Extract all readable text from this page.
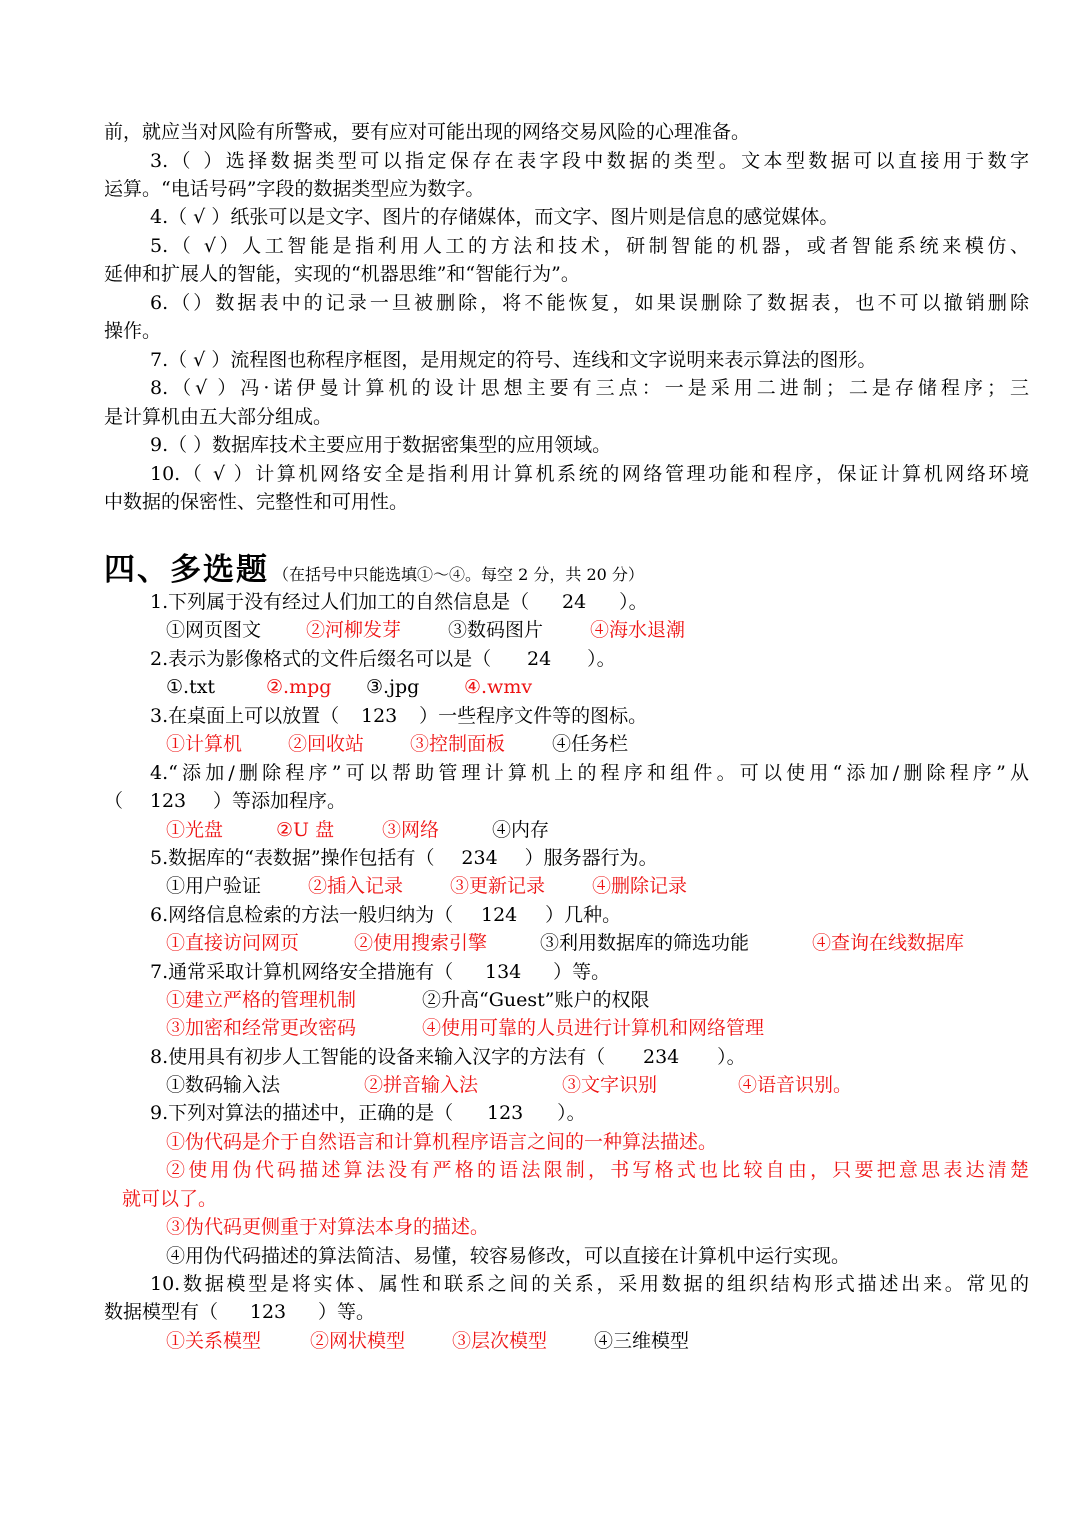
前，就应当对风险有所警戒，要有应对可能出现的网络交易风险的心理准备。
3.（ ）选择数据类型可以指定保存在表字段中数据的类型。文本型数据可以直接用于数字
运算。“电话号码”字段的数据类型应为数字。
4.（ √ ）纸张可以是文字、图片的存储媒体，而文字、图片则是信息的感觉媒体。
5.（ √）人工智能是指利用人工的方法和技术，研制智能的机器，或者智能系统来模仿、
延伸和扩展人的智能，实现的“机器思维”和“智能行为”。
6.（）数据表中的记录一旦被删除，将不能恢复，如果误删除了数据表，也不可以撤销删除
操作。
7.（ √ ）流程图也称程序框图，是用规定的符号、连线和文字说明来表示算法的图形。
8.（√ ）冯·诺伊曼计算机的设计思想主要有三点：一是采用二进制；二是存储程序；三
是计算机由五大部分组成。
9.（ ）数据库技术主要应用于数据密集型的应用领域。
10.（ √ ）计算机网络安全是指利用计算机系统的网络管理功能和程序，保证计算机网络环境
中数据的保密性、完整性和可用性。
四、多选题 （在括号中只能选填①～④。每空 2 分，共 20 分）
1.下列属于没有经过人们加工的自然信息是（ 24 ）。
①网页图文 ②河柳发芽 ③数码图片 ④海水退潮
2.表示为影像格式的文件后缀名可以是（ 24 ）。
①.txt	②.mpg ③.jpg ④.wmv
3.在桌面上可以放置（ 123 ）一些程序文件等的图标。
①计算机 ②回收站 ③控制面板 ④任务栏
4.“添加/删除程序”可以帮助管理计算机上的程序和组件。可以使用“添加/删除程序”从
（ 123 ）等添加程序。
①光盘	②U 盘	③网络	④内存
5.数据库的“表数据”操作包括有（ 234 ）服务器行为。
①用户验证 ②插入记录 ③更新记录 ④删除记录
6.网络信息检索的方法一般归纳为（ 124 ）几种。
①直接访问网页	②使用搜索引擎	③利用数据库的筛选功能	④查询在线数据库
7.通常采取计算机网络安全措施有（ 134 ）等。
①建立严格的管理机制	②升高“Guest”账户的权限
③加密和经常更改密码	④使用可靠的人员进行计算机和网络管理
8.使用具有初步人工智能的设备来输入汉字的方法有（ 234 ）。
①数码输入法	②拼音输入法	③文字识别	④语音识别。
9.下列对算法的描述中，正确的是（ 123 ）。
①伪代码是介于自然语言和计算机程序语言之间的一种算法描述。
②使用伪代码描述算法没有严格的语法限制，书写格式也比较自由，只要把意思表达清楚
就可以了。
③伪代码更侧重于对算法本身的描述。
④用伪代码描述的算法简洁、易懂，较容易修改，可以直接在计算机中运行实现。
10.数据模型是将实体、属性和联系之间的关系，采用数据的组织结构形式描述出来。常见的
数据模型有（ 123 ）等。
①关系模型	②网状模型 ③层次模型 ④三维模型
